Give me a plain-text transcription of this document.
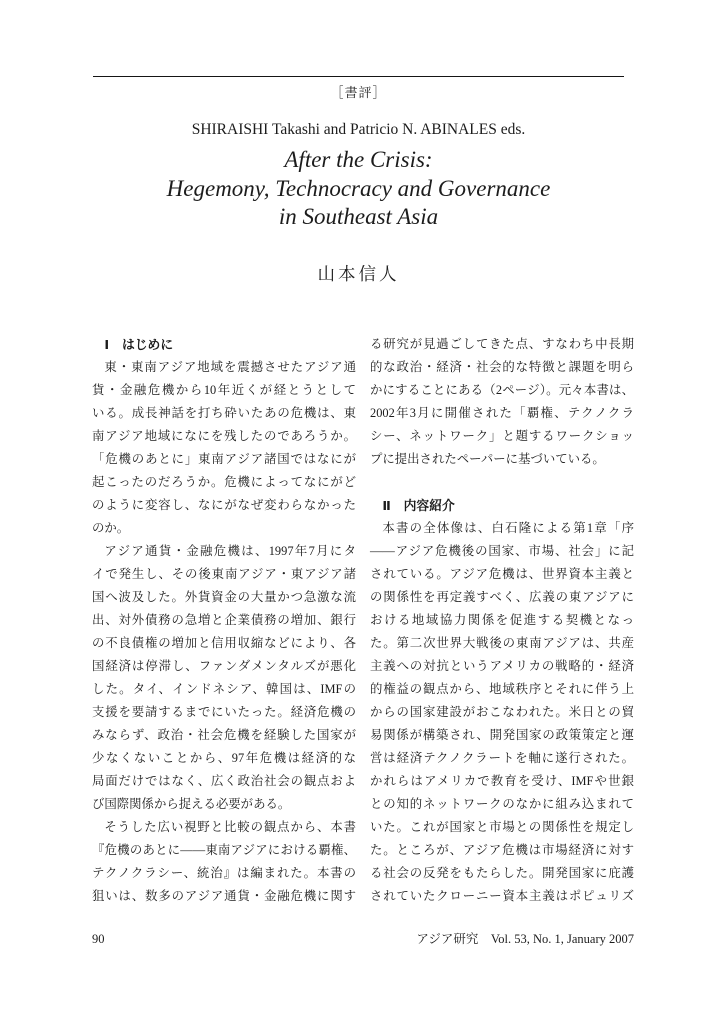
［書評］
SHIRAISHI Takashi and Patricio N. ABINALES eds.
After the Crisis:
Hegemony, Technocracy and Governance
in Southeast Asia
山本信人
Ⅰ　はじめに
東・東南アジア地域を震撼させたアジア通
貨・金融危機から10年近くが経とうとして
いる。成長神話を打ち砕いたあの危機は、東
南アジア地域になにを残したのであろうか。
「危機のあとに」東南アジア諸国ではなにが
起こったのだろうか。危機によってなにがど
のように変容し、なにがなぜ変わらなかった
のか。
アジア通貨・金融危機は、1997年7月にタ
イで発生し、その後東南アジア・東アジア諸
国へ波及した。外貨資金の大量かつ急激な流
出、対外債務の急増と企業債務の増加、銀行
の不良債権の増加と信用収縮などにより、各
国経済は停滞し、ファンダメンタルズが悪化
した。タイ、インドネシア、韓国は、IMFの
支援を要請するまでにいたった。経済危機の
みならず、政治・社会危機を経験した国家が
少なくないことから、97年危機は経済的な
局面だけではなく、広く政治社会の観点およ
び国際関係から捉える必要がある。
そうした広い視野と比較の観点から、本書
『危機のあとに——東南アジアにおける覇権、
テクノクラシー、統治』は編まれた。本書の
狙いは、数多のアジア通貨・金融危機に関す
る研究が見過ごしてきた点、すなわち中長期
的な政治・経済・社会的な特徴と課題を明ら
かにすることにある（2ページ）。元々本書は、
2002年3月に開催された「覇権、テクノクラ
シー、ネットワーク」と題するワークショッ
プに提出されたペーパーに基づいている。
Ⅱ　内容紹介
本書の全体像は、白石隆による第1章「序
——アジア危機後の国家、市場、社会」に記
されている。アジア危機は、世界資本主義と
の関係性を再定義すべく、広義の東アジアに
おける地域協力関係を促進する契機となっ
た。第二次世界大戦後の東南アジアは、共産
主義への対抗というアメリカの戦略的・経済
的権益の観点から、地域秩序とそれに伴う上
からの国家建設がおこなわれた。米日との貿
易関係が構築され、開発国家の政策策定と運
営は経済テクノクラートを軸に遂行された。
かれらはアメリカで教育を受け、IMFや世銀
との知的ネットワークのなかに組み込まれて
いた。これが国家と市場との関係性を規定し
た。ところが、アジア危機は市場経済に対す
る社会の反発をもたらした。開発国家に庇護
されていたクローニー資本主義はポピュリズ
90	アジア研究　Vol. 53, No. 1, January 2007
